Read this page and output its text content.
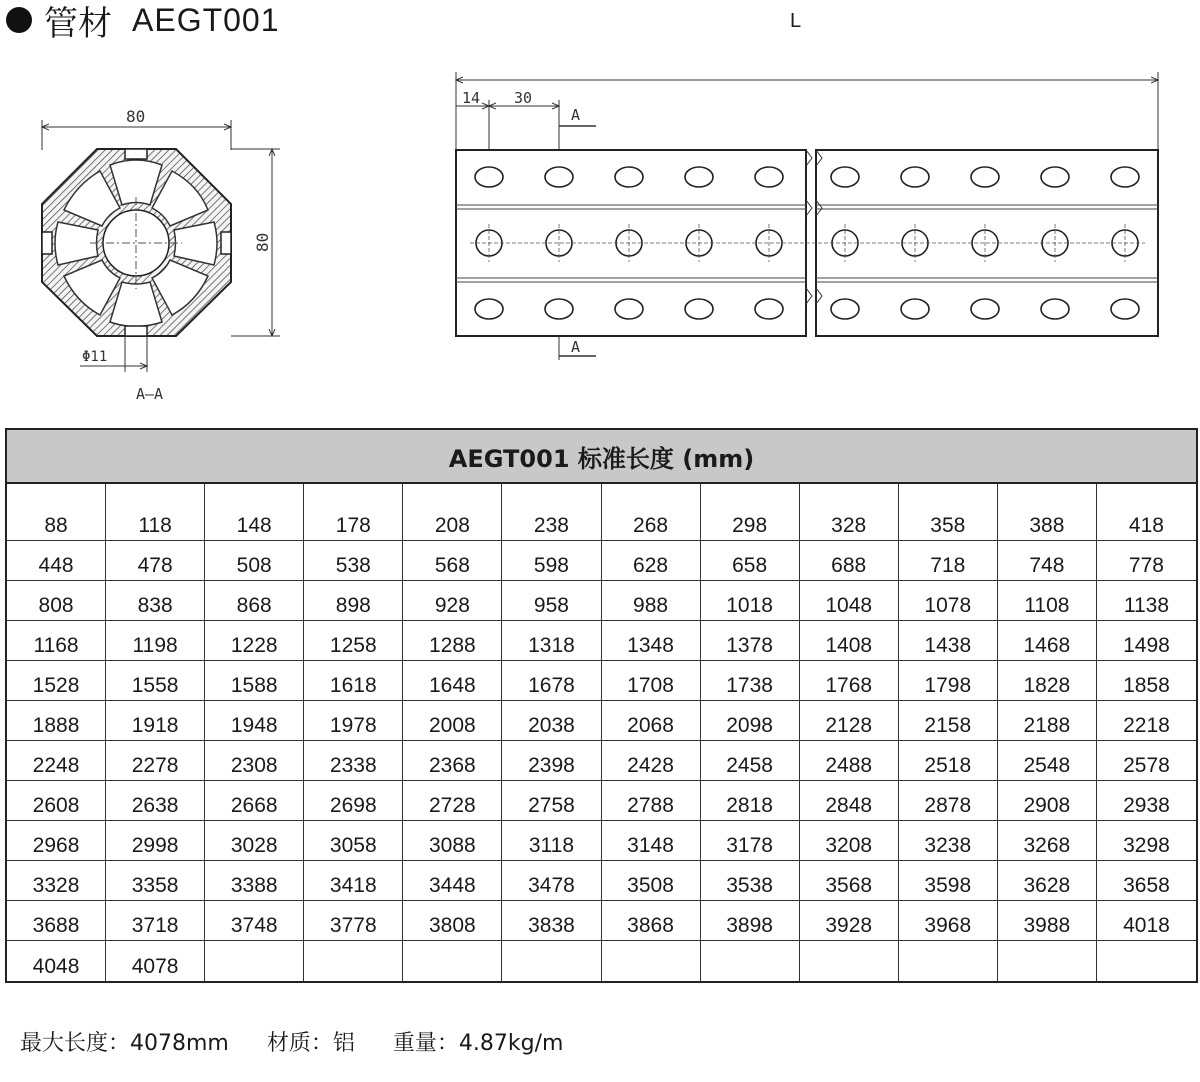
管材 AEGT001	L
80
80
Φ11
A—A
14 30
A
A
AEGT001 标准长度 (mm)
88	118	148	178	208	238	268	298	328	358	388	418
448	478	508	538	568	598	628	658	688	718	748	778
808	838	868	898	928	958	988	1018	1048	1078	1108	1138
1168	1198	1228	1258	1288	1318	1348	1378	1408	1438	1468	1498
1528	1558	1588	1618	1648	1678	1708	1738	1768	1798	1828	1858
1888	1918	1948	1978	2008	2038	2068	2098	2128	2158	2188	2218
2248	2278	2308	2338	2368	2398	2428	2458	2488	2518	2548	2578
2608	2638	2668	2698	2728	2758	2788	2818	2848	2878	2908	2938
2968	2998	3028	3058	3088	3118	3148	3178	3208	3238	3268	3298
3328	3358	3388	3418	3448	3478	3508	3538	3568	3598	3628	3658
3688	3718	3748	3778	3808	3838	3868	3898	3928	3968	3988	4018
4048	4078
最大长度：4078mm 材质：铝 重量：4.87kg/m
